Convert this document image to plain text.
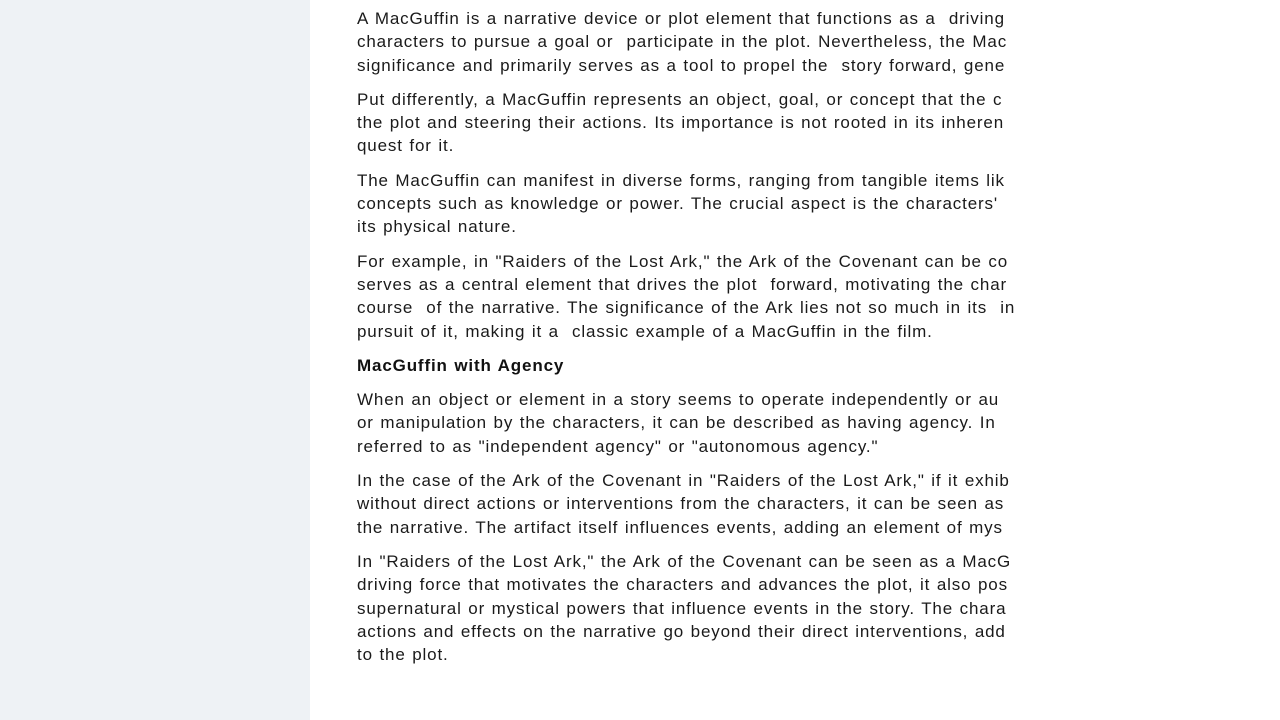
A MacGuffin is a narrative device or plot element that functions as a  driving
characters to pursue a goal or  participate in the plot. Nevertheless, the Mac
significance and primarily serves as a tool to propel the  story forward, gene
Put differently, a MacGuffin represents an object, goal, or concept that the c
the plot and steering their actions. Its importance is not rooted in its inheren
quest for it.
The MacGuffin can manifest in diverse forms, ranging from tangible items lik
concepts such as knowledge or power. The crucial aspect is the characters'
its physical nature.
For example, in "Raiders of the Lost Ark," the Ark of the Covenant can be co
serves as a central element that drives the plot  forward, motivating the char
course  of the narrative. The significance of the Ark lies not so much in its  in
pursuit of it, making it a  classic example of a MacGuffin in the film.
MacGuffin with Agency
When an object or element in a story seems to operate independently or au
or manipulation by the characters, it can be described as having agency. In
referred to as "independent agency" or "autonomous agency."
In the case of the Ark of the Covenant in "Raiders of the Lost Ark," if it exhib
without direct actions or interventions from the characters, it can be seen as
the narrative. The artifact itself influences events, adding an element of mys
In "Raiders of the Lost Ark," the Ark of the Covenant can be seen as a MacG
driving force that motivates the characters and advances the plot, it also pos
supernatural or mystical powers that influence events in the story. The chara
actions and effects on the narrative go beyond their direct interventions, add
to the plot.
